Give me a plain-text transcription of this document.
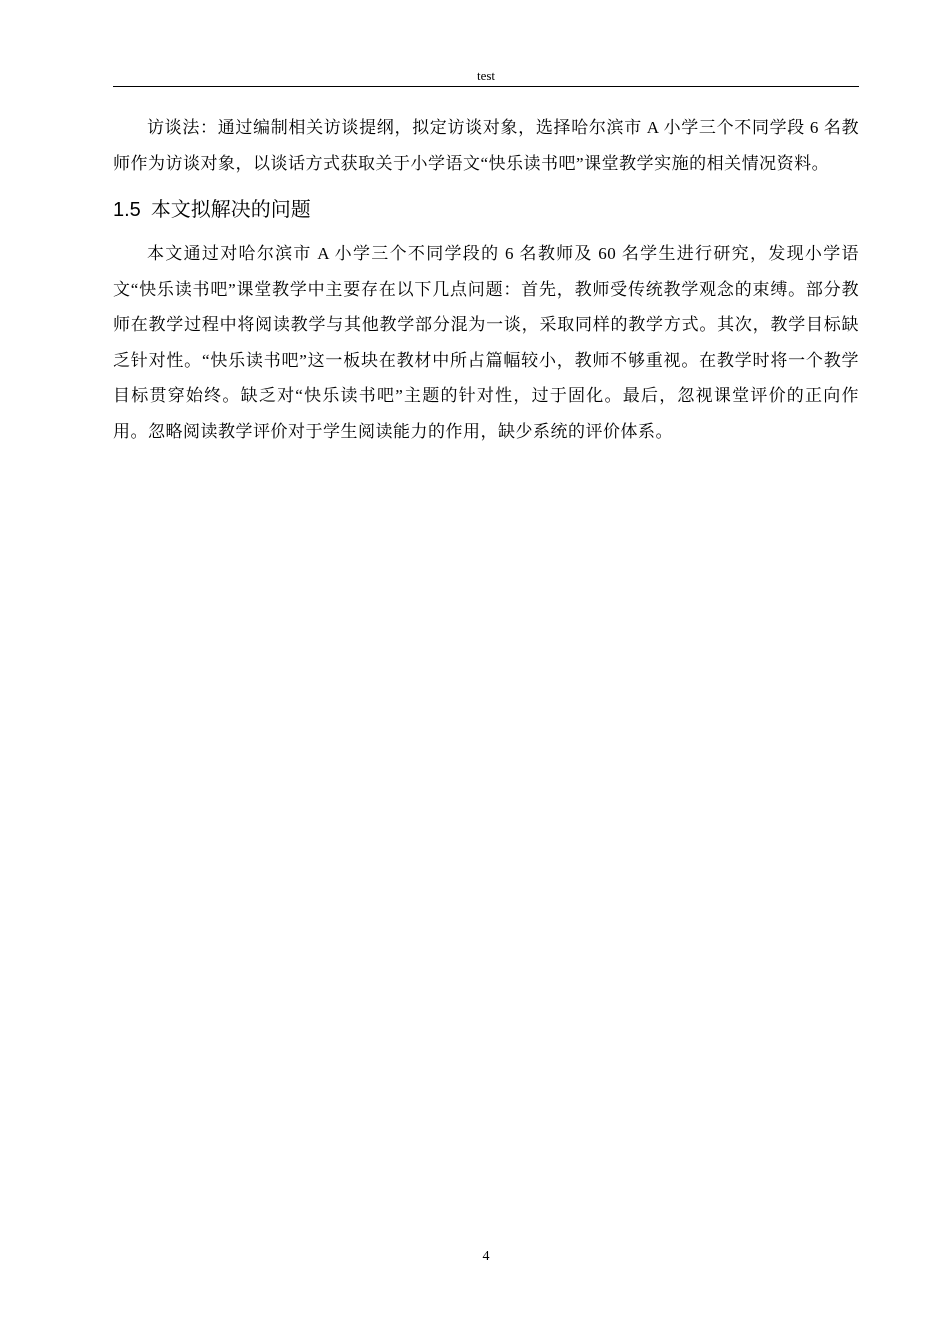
test

访谈法：通过编制相关访谈提纲，拟定访谈对象，选择哈尔滨市 A 小学三个不同学段 6 名教师作为访谈对象，以谈话方式获取关于小学语文“快乐读书吧”课堂教学实施的相关情况资料。

1.5 本文拟解决的问题

本文通过对哈尔滨市 A 小学三个不同学段的 6 名教师及 60 名学生进行研究，发现小学语文“快乐读书吧”课堂教学中主要存在以下几点问题：首先，教师受传统教学观念的束缚。部分教师在教学过程中将阅读教学与其他教学部分混为一谈，采取同样的教学方式。其次，教学目标缺乏针对性。“快乐读书吧”这一板块在教材中所占篇幅较小，教师不够重视。在教学时将一个教学目标贯穿始终。缺乏对“快乐读书吧”主题的针对性，过于固化。最后，忽视课堂评价的正向作用。忽略阅读教学评价对于学生阅读能力的作用，缺少系统的评价体系。

4
